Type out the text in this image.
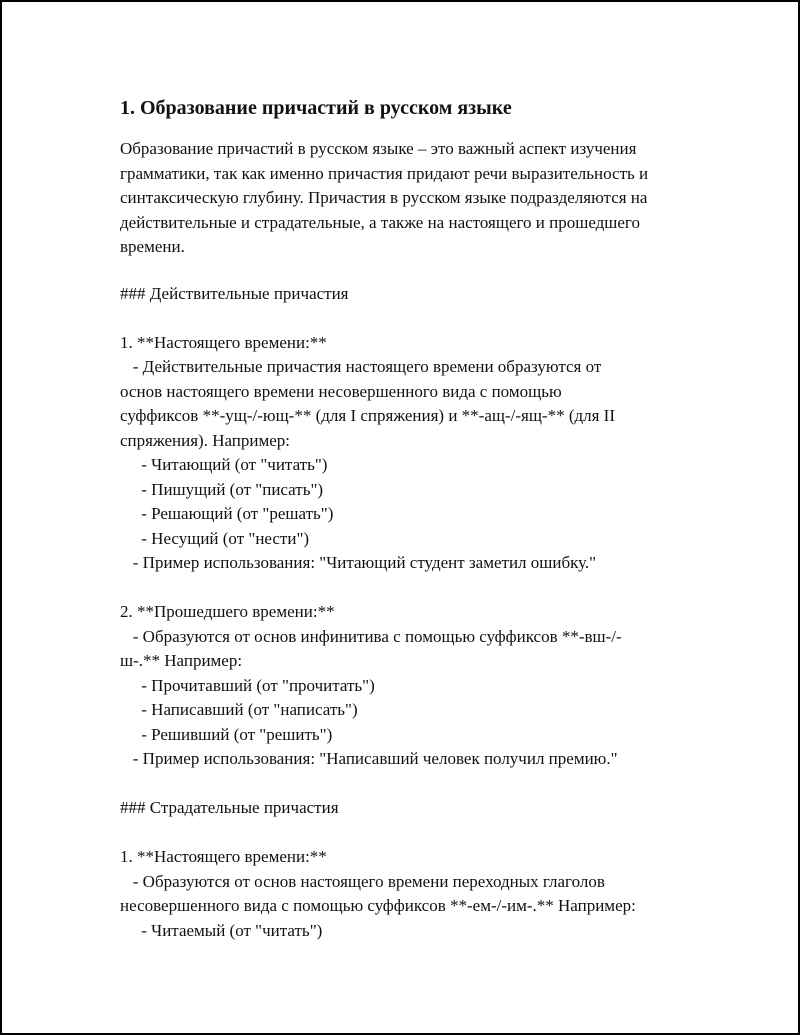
1. Образование причастий в русском языке

Образование причастий в русском языке – это важный аспект изучения грамматики, так как именно причастия придают речи выразительность и синтаксическую глубину. Причастия в русском языке подразделяются на действительные и страдательные, а также на настоящего и прошедшего времени.

### Действительные причастия

1. **Настоящего времени:**
- Действительные причастия настоящего времени образуются от
основ настоящего времени несовершенного вида с помощью
суффиксов **-ущ-/-ющ-** (для I спряжения) и **-ащ-/-ящ-** (для II
спряжения). Например:
- Читающий (от "читать")
- Пишущий (от "писать")
- Решающий (от "решать")
- Несущий (от "нести")
- Пример использования: "Читающий студент заметил ошибку."

2. **Прошедшего времени:**
- Образуются от основ инфинитива с помощью суффиксов **-вш-/-
ш-.** Например:
- Прочитавший (от "прочитать")
- Написавший (от "написать")
- Решивший (от "решить")
- Пример использования: "Написавший человек получил премию."

### Страдательные причастия

1. **Настоящего времени:**
- Образуются от основ настоящего времени переходных глаголов
несовершенного вида с помощью суффиксов **-ем-/-им-.** Например:
- Читаемый (от "читать")
